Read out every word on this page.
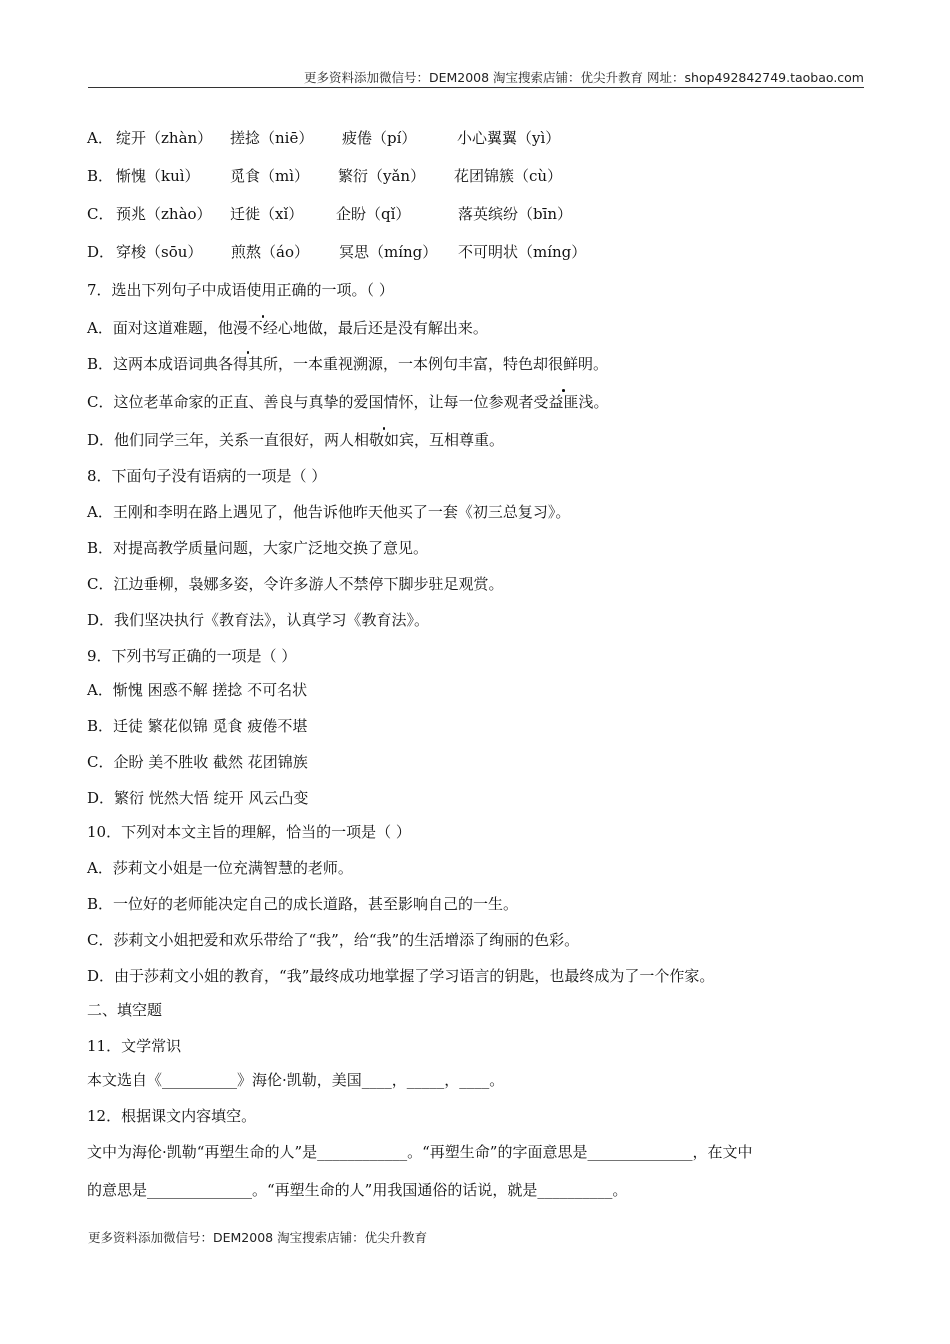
更多资料添加微信号：DEM2008 淘宝搜索店铺：优尖升教育 网址：shop492842749.taobao.com
A． 绽开（zhàn）	搓捻（niē）	疲倦（pí）	小心翼翼（yì）
B． 惭愧（kuì）	觅食（mì）	繁衍（yǎn）	花团锦簇（cù）
C． 预兆（zhào）	迁徙（xǐ）	企盼（qǐ）	落英缤纷（bīn）
D． 穿梭（sōu）	煎熬（áo）	冥思（míng）	不可明状（míng）
7．选出下列句子中成语使用正确的一项。（ ）
A．面对这道难题，他漫不经心地做，最后还是没有解出来。
B．这两本成语词典各得其所，一本重视溯源，一本例句丰富，特色却很鲜明。
C．这位老革命家的正直、善良与真挚的爱国情怀，让每一位参观者受益匪浅。
D．他们同学三年，关系一直很好，两人相敬如宾，互相尊重。
8．下面句子没有语病的一项是（ ）
A．王刚和李明在路上遇见了，他告诉他昨天他买了一套《初三总复习》。
B．对提高教学质量问题，大家广泛地交换了意见。
C．江边垂柳，袅娜多姿，令许多游人不禁停下脚步驻足观赏。
D．我们坚决执行《教育法》，认真学习《教育法》。
9．下列书写正确的一项是（ ）
A．惭愧 困惑不解 搓捻 不可名状
B．迁徒 繁花似锦 觅食 疲倦不堪
C．企盼 美不胜收 截然 花团锦族
D．繁衍 恍然大悟 绽开 风云凸变
10．下列对本文主旨的理解，恰当的一项是（ ）
A．莎莉文小姐是一位充满智慧的老师。
B．一位好的老师能决定自己的成长道路，甚至影响自己的一生。
C．莎莉文小姐把爱和欢乐带给了“我”，给“我”的生活增添了绚丽的色彩。
D．由于莎莉文小姐的教育，“我”最终成功地掌握了学习语言的钥匙，也最终成为了一个作家。
二、填空题
11．文学常识
本文选自《__________》海伦·凯勒，美国____，_____，____。
12．根据课文内容填空。
文中为海伦·凯勒“再塑生命的人”是____________。“再塑生命”的字面意思是______________，在文中
的意思是______________。“再塑生命的人”用我国通俗的话说，就是__________。
更多资料添加微信号：DEM2008 淘宝搜索店铺：优尖升教育
